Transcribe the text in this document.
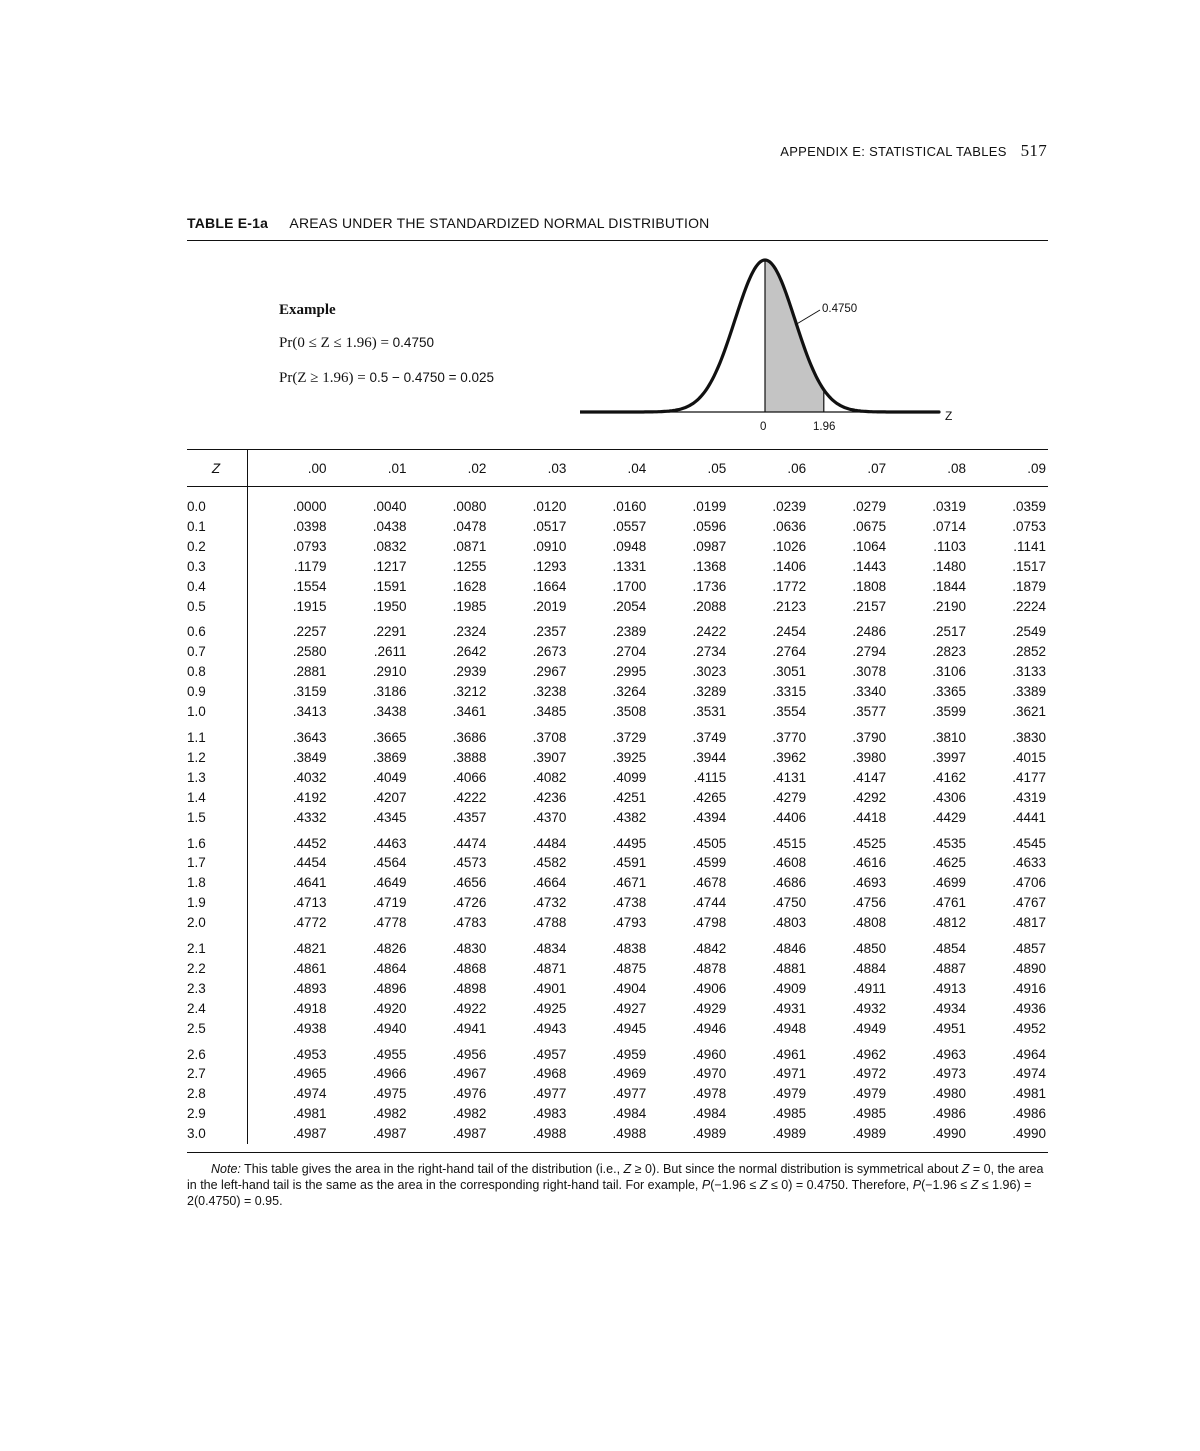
APPENDIX E: STATISTICAL TABLES 517
TABLE E-1a AREAS UNDER THE STANDARDIZED NORMAL DISTRIBUTION
Example
Pr(0 ≤ Z ≤ 1.96) = 0.4750
Pr(Z ≥ 1.96) = 0.5 − 0.4750 = 0.025
0.4750
0	1.96
Z
Z	.00	.01	.02	.03	.04	.05	.06	.07	.08	.09

0.0	.0000	.0040	.0080	.0120	.0160	.0199	.0239	.0279	.0319	.0359
0.1	.0398	.0438	.0478	.0517	.0557	.0596	.0636	.0675	.0714	.0753
0.2	.0793	.0832	.0871	.0910	.0948	.0987	.1026	.1064	.1103	.1141
0.3	.1179	.1217	.1255	.1293	.1331	.1368	.1406	.1443	.1480	.1517
0.4	.1554	.1591	.1628	.1664	.1700	.1736	.1772	.1808	.1844	.1879
0.5	.1915	.1950	.1985	.2019	.2054	.2088	.2123	.2157	.2190	.2224

0.6	.2257	.2291	.2324	.2357	.2389	.2422	.2454	.2486	.2517	.2549
0.7	.2580	.2611	.2642	.2673	.2704	.2734	.2764	.2794	.2823	.2852
0.8	.2881	.2910	.2939	.2967	.2995	.3023	.3051	.3078	.3106	.3133
0.9	.3159	.3186	.3212	.3238	.3264	.3289	.3315	.3340	.3365	.3389
1.0	.3413	.3438	.3461	.3485	.3508	.3531	.3554	.3577	.3599	.3621

1.1	.3643	.3665	.3686	.3708	.3729	.3749	.3770	.3790	.3810	.3830
1.2	.3849	.3869	.3888	.3907	.3925	.3944	.3962	.3980	.3997	.4015
1.3	.4032	.4049	.4066	.4082	.4099	.4115	.4131	.4147	.4162	.4177
1.4	.4192	.4207	.4222	.4236	.4251	.4265	.4279	.4292	.4306	.4319
1.5	.4332	.4345	.4357	.4370	.4382	.4394	.4406	.4418	.4429	.4441

1.6	.4452	.4463	.4474	.4484	.4495	.4505	.4515	.4525	.4535	.4545
1.7	.4454	.4564	.4573	.4582	.4591	.4599	.4608	.4616	.4625	.4633
1.8	.4641	.4649	.4656	.4664	.4671	.4678	.4686	.4693	.4699	.4706
1.9	.4713	.4719	.4726	.4732	.4738	.4744	.4750	.4756	.4761	.4767
2.0	.4772	.4778	.4783	.4788	.4793	.4798	.4803	.4808	.4812	.4817

2.1	.4821	.4826	.4830	.4834	.4838	.4842	.4846	.4850	.4854	.4857
2.2	.4861	.4864	.4868	.4871	.4875	.4878	.4881	.4884	.4887	.4890
2.3	.4893	.4896	.4898	.4901	.4904	.4906	.4909	.4911	.4913	.4916
2.4	.4918	.4920	.4922	.4925	.4927	.4929	.4931	.4932	.4934	.4936
2.5	.4938	.4940	.4941	.4943	.4945	.4946	.4948	.4949	.4951	.4952

2.6	.4953	.4955	.4956	.4957	.4959	.4960	.4961	.4962	.4963	.4964
2.7	.4965	.4966	.4967	.4968	.4969	.4970	.4971	.4972	.4973	.4974
2.8	.4974	.4975	.4976	.4977	.4977	.4978	.4979	.4979	.4980	.4981
2.9	.4981	.4982	.4982	.4983	.4984	.4984	.4985	.4985	.4986	.4986
3.0	.4987	.4987	.4987	.4988	.4988	.4989	.4989	.4989	.4990	.4990
Note: This table gives the area in the right-hand tail of the distribution (i.e., Z ≥ 0). But since the normal distribution is symmetrical about Z = 0, the area in the left-hand tail is the same as the area in the corresponding right-hand tail. For example, P(−1.96 ≤ Z ≤ 0) = 0.4750. Therefore, P(−1.96 ≤ Z ≤ 1.96) = 2(0.4750) = 0.95.
